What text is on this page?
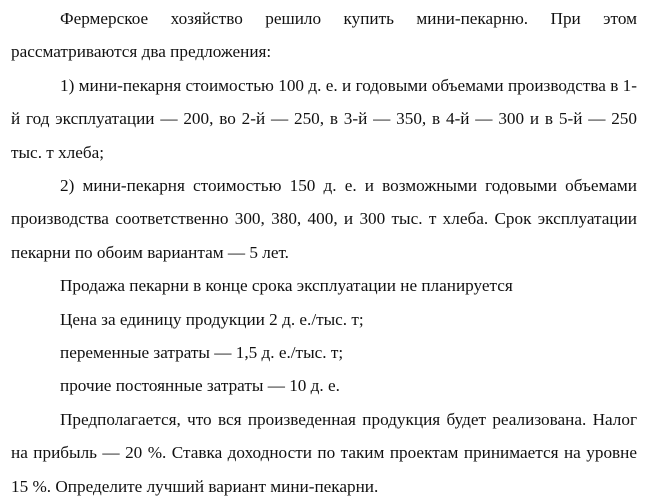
Фермерское хозяйство решило купить мини-пекарню. При этом рассматриваются два предложения:

1) мини-пекарня стоимостью 100 д. е. и годовыми объемами производства в 1-й год эксплуатации — 200, во 2-й — 250, в 3-й — 350, в 4-й — 300 и в 5-й — 250 тыс. т хлеба;

2) мини-пекарня стоимостью 150 д. е. и возможными годовыми объемами производства соответственно 300, 380, 400, и 300 тыс. т хлеба. Срок эксплуатации пекарни по обоим вариантам — 5 лет.

Продажа пекарни в конце срока эксплуатации не планируется

Цена за единицу продукции 2 д. е./тыс. т;

переменные затраты — 1,5 д. е./тыс. т;

прочие постоянные затраты — 10 д. е.

Предполагается, что вся произведенная продукция будет реализована. Налог на прибыль — 20 %. Ставка доходности по таким проектам принимается на уровне 15 %. Определите лучший вариант мини-пекарни.
